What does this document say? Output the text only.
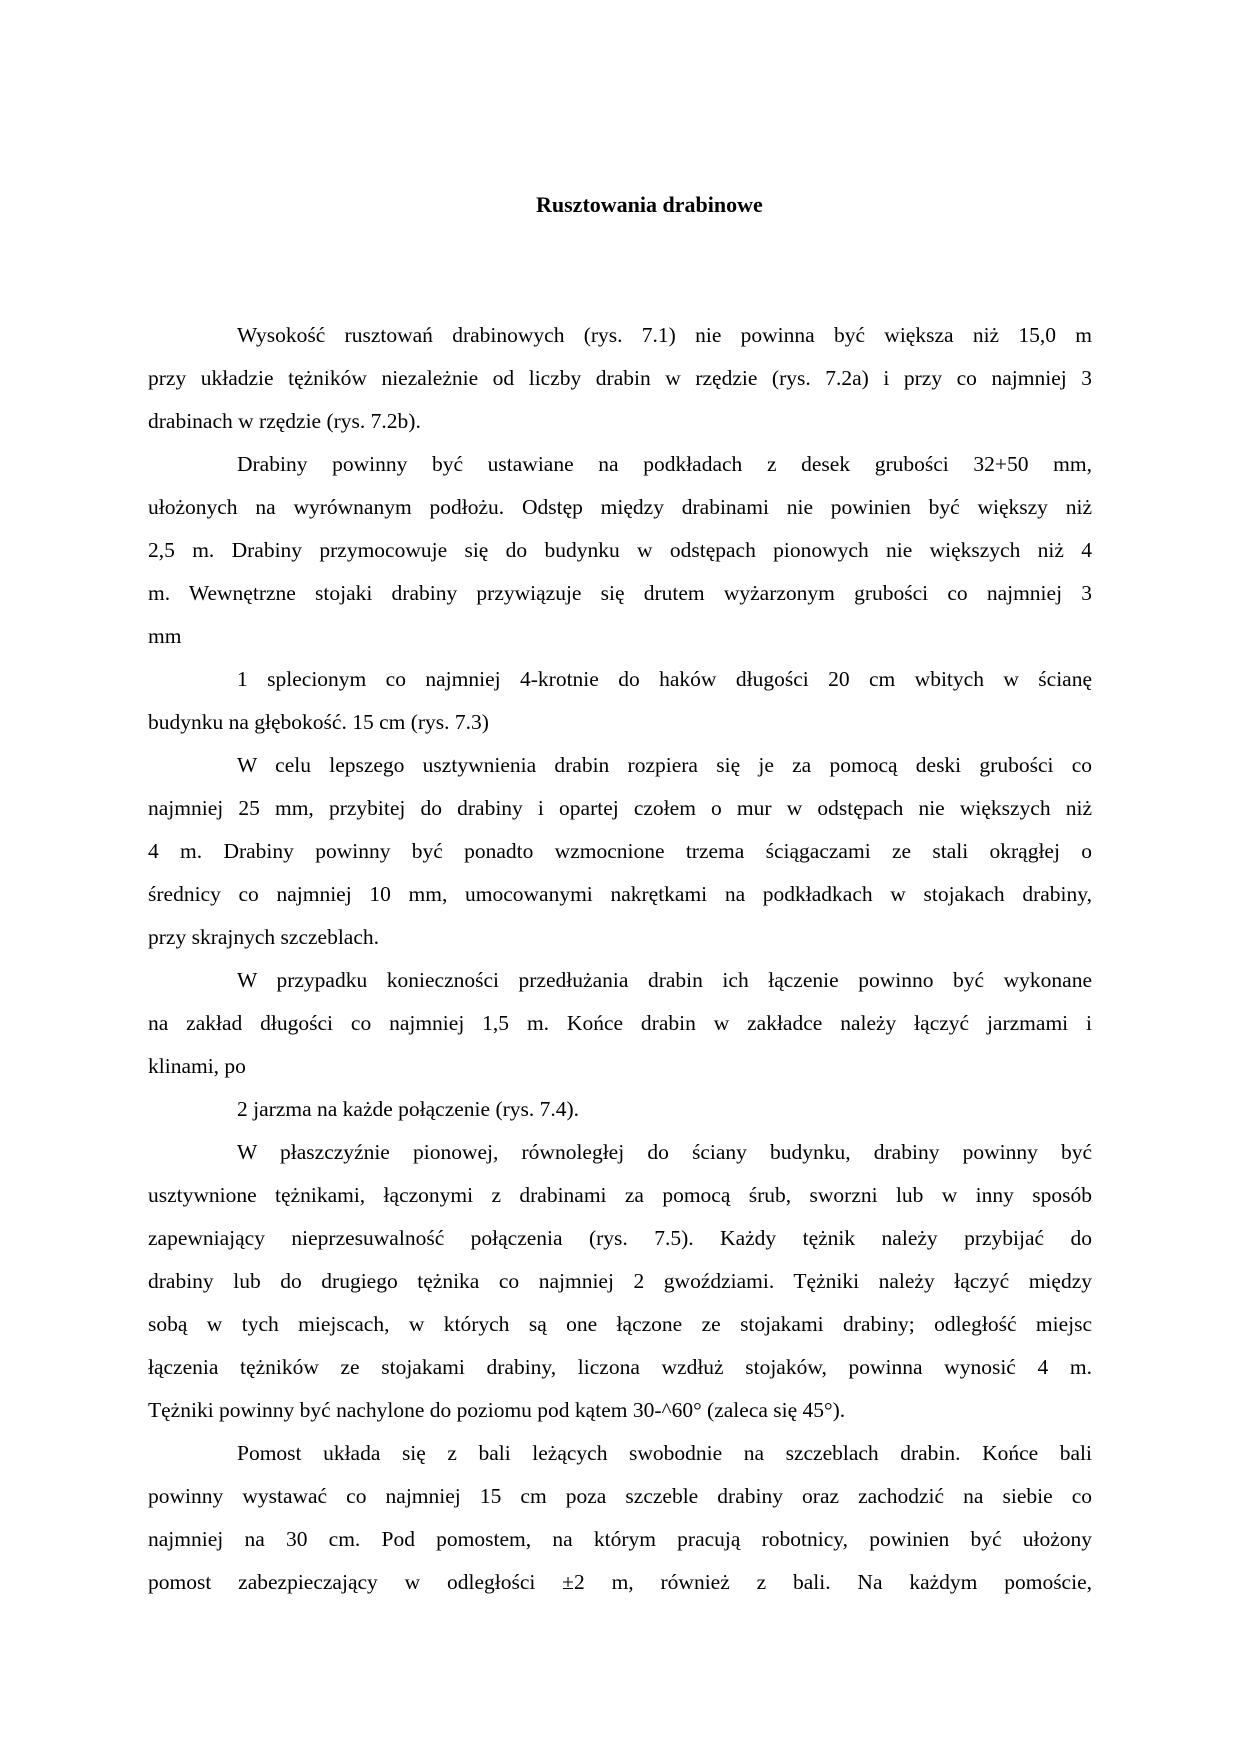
Rusztowania drabinowe
Wysokość rusztowań drabinowych (rys. 7.1) nie powinna być większa niż 15,0 m
przy układzie tężników niezależnie od liczby drabin w rzędzie (rys. 7.2a) i przy co najmniej 3
drabinach w rzędzie (rys. 7.2b).
Drabiny powinny być ustawiane na podkładach z desek grubości 32+50 mm,
ułożonych na wyrównanym podłożu. Odstęp między drabinami nie powinien być większy niż
2,5 m. Drabiny przymocowuje się do budynku w odstępach pionowych nie większych niż 4
m. Wewnętrzne stojaki drabiny przywiązuje się drutem wyżarzonym grubości co najmniej 3
mm
1 splecionym co najmniej 4-krotnie do haków długości 20 cm wbitych w ścianę
budynku na głębokość. 15 cm (rys. 7.3)
W celu lepszego usztywnienia drabin rozpiera się je za pomocą deski grubości co
najmniej 25 mm, przybitej do drabiny i opartej czołem o mur w odstępach nie większych niż
4 m. Drabiny powinny być ponadto wzmocnione trzema ściągaczami ze stali okrągłej o
średnicy co najmniej 10 mm, umocowanymi nakrętkami na podkładkach w stojakach drabiny,
przy skrajnych szczeblach.
W przypadku konieczności przedłużania drabin ich łączenie powinno być wykonane
na zakład długości co najmniej 1,5 m. Końce drabin w zakładce należy łączyć jarzmami i
klinami, po
2 jarzma na każde połączenie (rys. 7.4).
W płaszczyźnie pionowej, równoległej do ściany budynku, drabiny powinny być
usztywnione tężnikami, łączonymi z drabinami za pomocą śrub, sworzni lub w inny sposób
zapewniający nieprzesuwalność połączenia (rys. 7.5). Każdy tężnik należy przybijać do
drabiny lub do drugiego tężnika co najmniej 2 gwoździami. Tężniki należy łączyć między
sobą w tych miejscach, w których są one łączone ze stojakami drabiny; odległość miejsc
łączenia tężników ze stojakami drabiny, liczona wzdłuż stojaków, powinna wynosić 4 m.
Tężniki powinny być nachylone do poziomu pod kątem 30-^60° (zaleca się 45°).
Pomost układa się z bali leżących swobodnie na szczeblach drabin. Końce bali
powinny wystawać co najmniej 15 cm poza szczeble drabiny oraz zachodzić na siebie co
najmniej na 30 cm. Pod pomostem, na którym pracują robotnicy, powinien być ułożony
pomost zabezpieczający w odległości ±2 m, również z bali. Na każdym pomoście,
